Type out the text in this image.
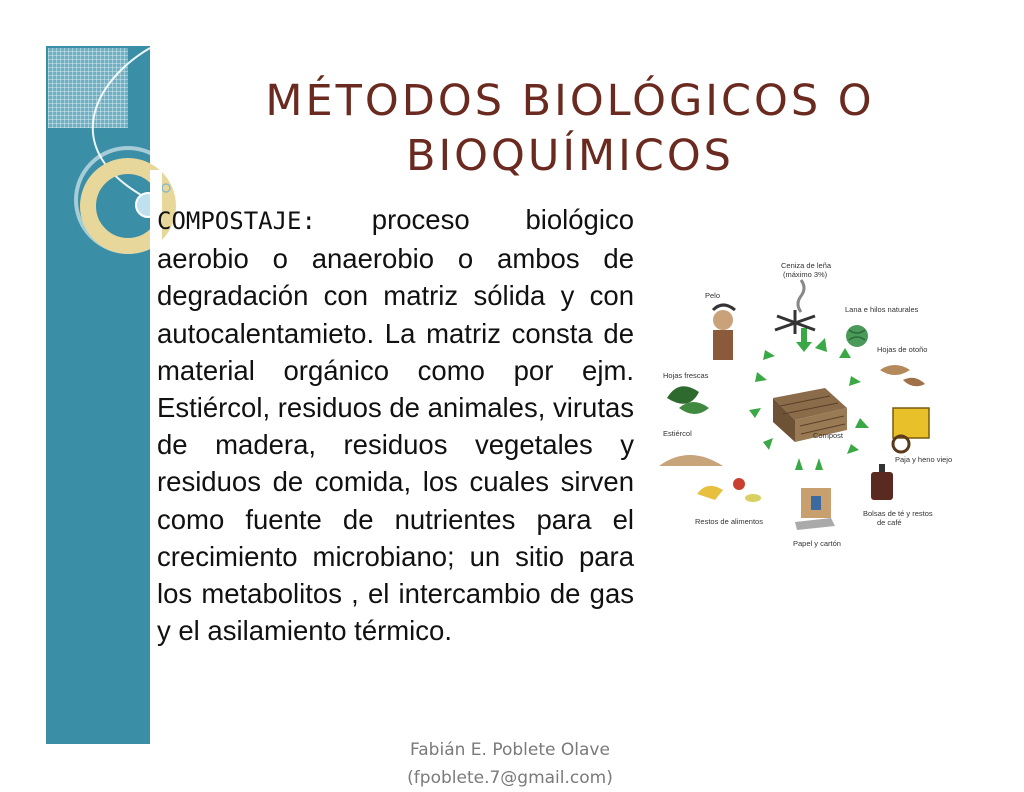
MÉTODOS BIOLÓGICOS O
BIOQUÍMICOS
COMPOSTAJE: proceso biológico aerobio o anaerobio o ambos de degradación con matriz sólida y con autocalentamieto. La matriz consta de material orgánico como por ejm. Estiércol, residuos de animales, virutas de madera, residuos vegetales y residuos de comida, los cuales sirven como fuente de nutrientes para el crecimiento microbiano; un sitio para los metabolitos , el intercambio de gas y el asilamiento térmico.
Compost
Ceniza de leña
(máximo 3%)
Pelo
Lana e hilos naturales
Hojas de otoño
Hojas frescas
Estiércol
Paja y heno viejo
Bolsas de té y restos
de café
Restos de alimentos
Papel y cartón
Fabián E. Poblete Olave
(fpoblete.7@gmail.com)
